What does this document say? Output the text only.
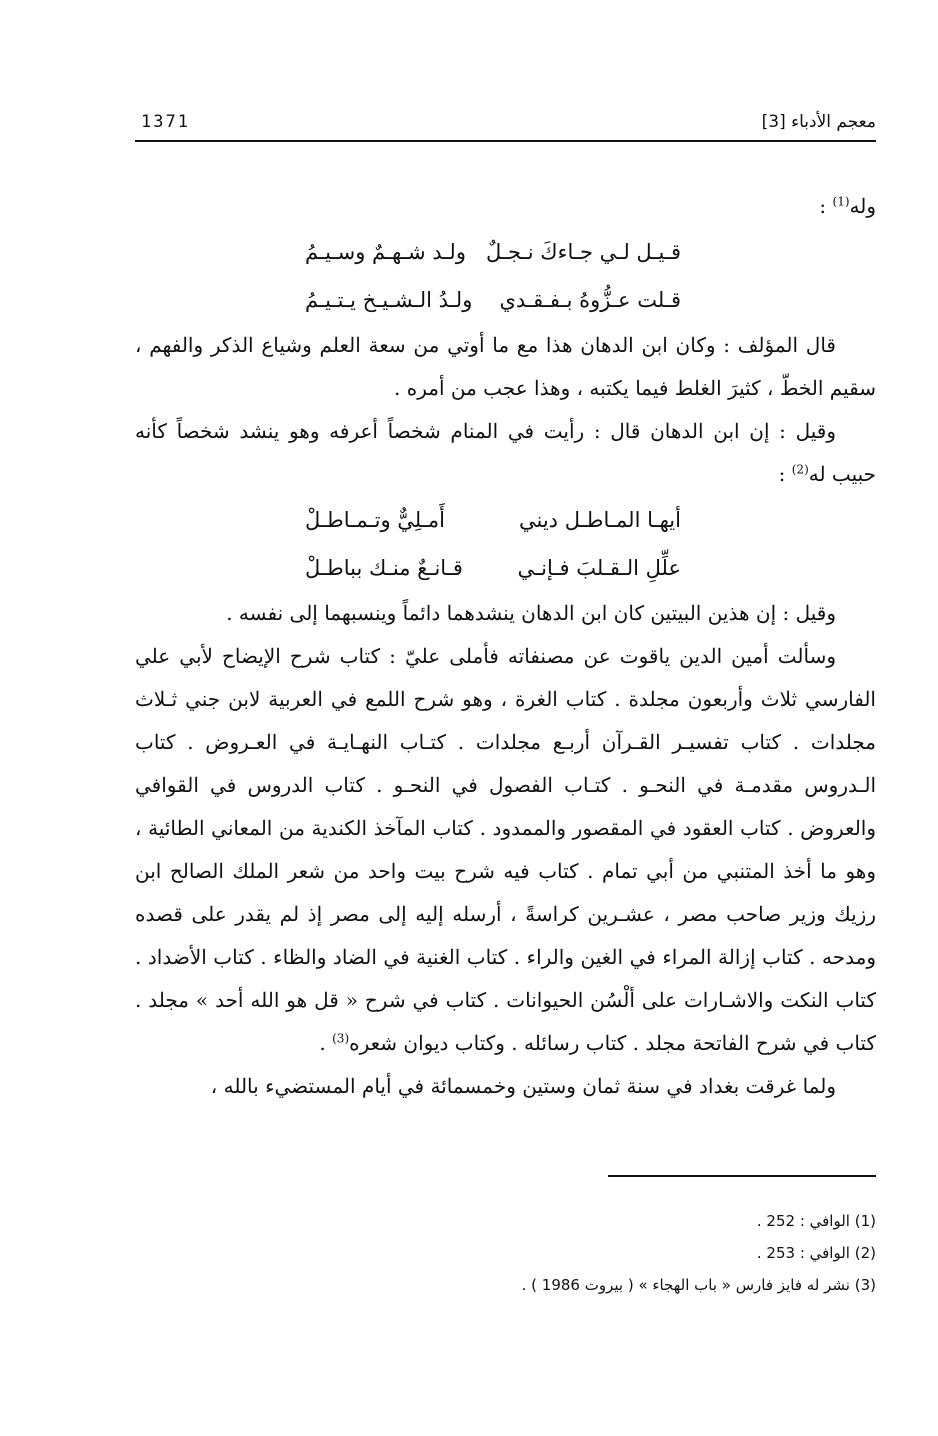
معجم الأدباء [3]
1371

وله$^{(1)}$ :

قـيـل لـي جـاءكَ نـجـلٌ
ولـد شـهـمٌ وسـيـمُ
قـلت عـزُّوهُ بـفـقـدي
ولـدُ الـشـيـخ يـتـيـمُ

قال المؤلف : وكان ابن الدهان هذا مع ما أوتي من سعة العلم وشياع الذكر والفهم ، سقيم الخطّ ، كثيرَ الغلط فيما يكتبه ، وهذا عجب من أمره .

وقيل : إن ابن الدهان قال : رأيت في المنام شخصاً أعرفه وهو ينشد شخصاً كأنه حبيب له$^{(2)}$ :

أيهـا المـاطـل ديني
أَمـلِيٌّ وتـمـاطـلْ
علِّلِ الـقـلبَ فـإنـي
قـانـعٌ منـك بباطـلْ

وقيل : إن هذين البيتين كان ابن الدهان ينشدهما دائماً وينسبهما إلى نفسه .

وسألت أمين الدين ياقوت عن مصنفاته فأملى عليّ : كتاب شرح الإيضاح لأبي علي الفارسي ثلاث وأربعون مجلدة . كتاب الغرة ، وهو شرح اللمع في العربية لابن جني ثـلاث مجلدات . كتاب تفسيـر القـرآن أربـع مجلدات . كتـاب النهـايـة في العـروض . كتاب الـدروس مقدمـة في النحـو . كتـاب الفصول في النحـو . كتاب الدروس في القوافي والعروض . كتاب العقود في المقصور والممدود . كتاب المآخذ الكندية من المعاني الطائية ، وهو ما أخذ المتنبي من أبي تمام . كتاب فيه شرح بيت واحد من شعر الملك الصالح ابن رزيك وزير صاحب مصر ، عشـرين كراسةً ، أرسله إليه إلى مصر إذ لم يقدر على قصده ومدحه . كتاب إزالة المراء في الغين والراء . كتاب الغنية في الضاد والظاء . كتاب الأضداد . كتاب النكت والاشـارات على ألْسُن الحيوانات . كتاب في شرح « قل هو الله أحد » مجلد . كتاب في شرح الفاتحة مجلد . كتاب رسائله . وكتاب ديوان شعره$^{(3)}$ .

ولما غرقت بغداد في سنة ثمان وستين وخمسمائة في أيام المستضيء بالله ،

(1) الوافي : 252 .

(2) الوافي : 253 .

(3) نشر له فايز فارس « باب الهجاء » ( بيروت 1986 ) .
